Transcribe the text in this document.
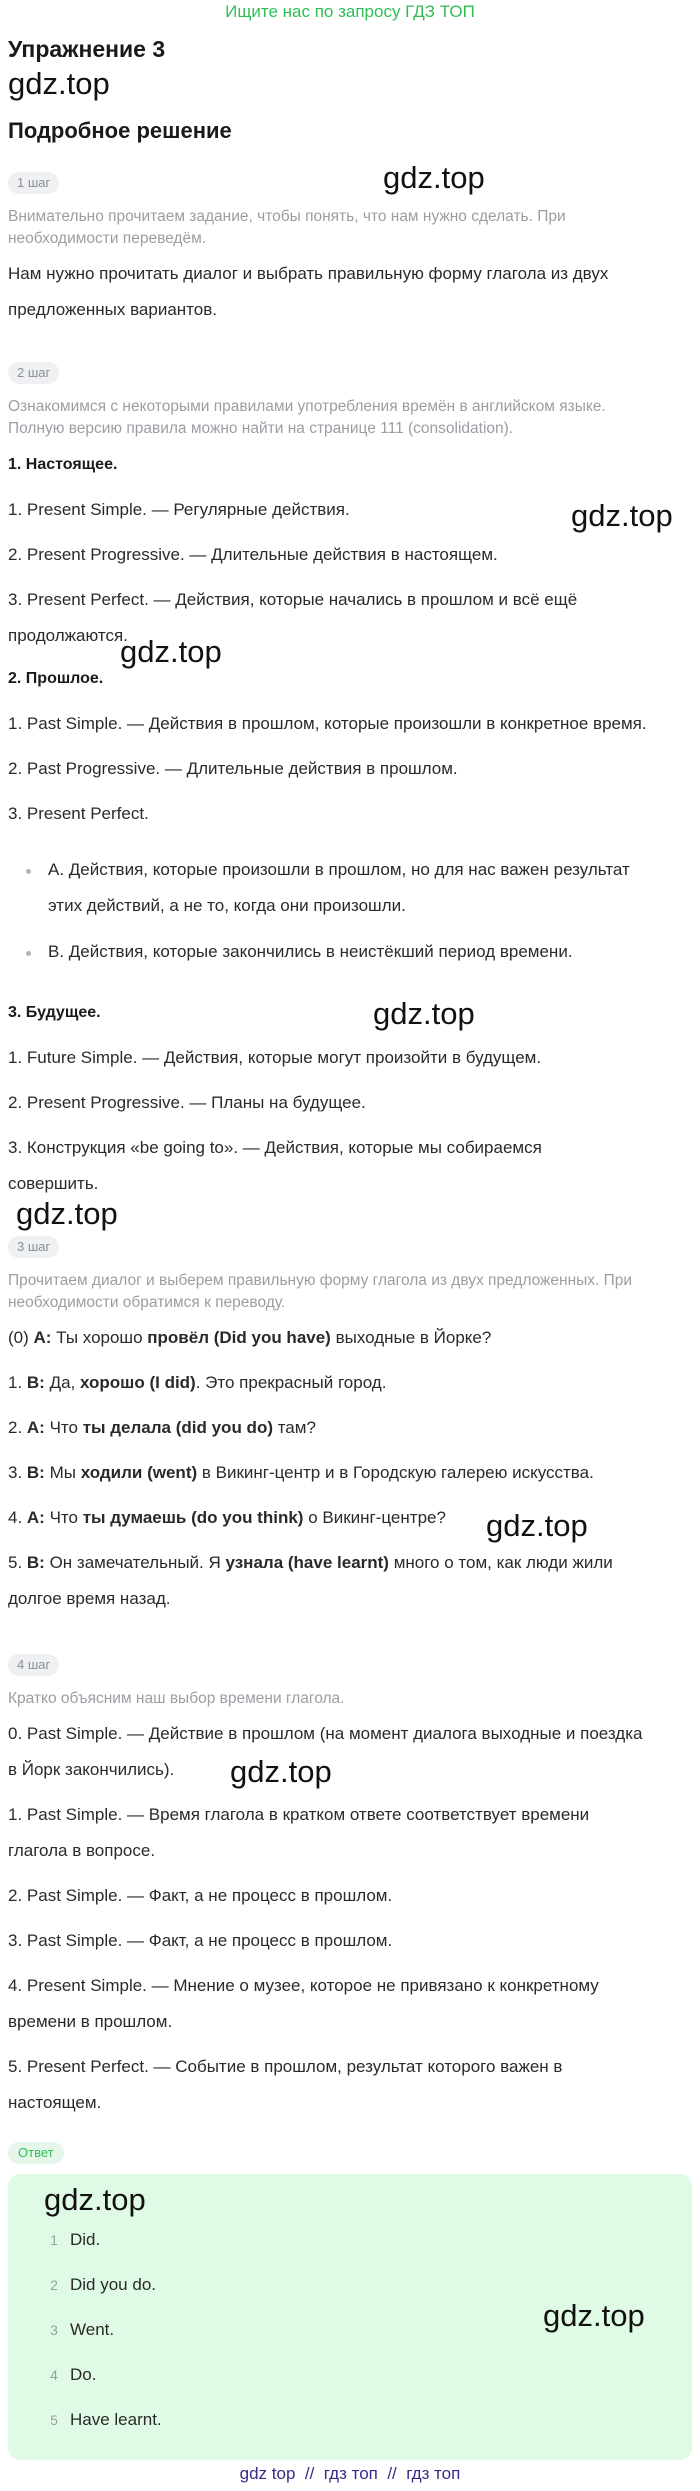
Ищите нас по запросу ГДЗ ТОП
Упражнение 3
gdz.top
Подробное решение
1 шаг	gdz.top
Внимательно прочитаем задание, чтобы понять, что нам нужно сделать. При
необходимости переведём.
Нам нужно прочитать диалог и выбрать правильную форму глагола из двух
предложенных вариантов.
2 шаг
Ознакомимся с некоторыми правилами употребления времён в английском языке.
Полную версию правила можно найти на странице 111 (consolidation).
1. Настоящее.
1. Present Simple. — Регулярные действия.
2. Present Progressive. — Длительные действия в настоящем.
3. Present Perfect. — Действия, которые начались в прошлом и всё ещё
продолжаются.
gdz.top
gdz.top
2. Прошлое.
1. Past Simple. — Действия в прошлом, которые произошли в конкретное время.
2. Past Progressive. — Длительные действия в прошлом.
3. Present Perfect.
A. Действия, которые произошли в прошлом, но для нас важен результат
этих действий, а не то, когда они произошли.
B. Действия, которые закончились в неистёкший период времени.
3. Будущее.	gdz.top
1. Future Simple. — Действия, которые могут произойти в будущем.
2. Present Progressive. — Планы на будущее.
3. Конструкция «be going to». — Действия, которые мы собираемся
совершить.
gdz.top
3 шаг
Прочитаем диалог и выберем правильную форму глагола из двух предложенных. При
необходимости обратимся к переводу.
(0) A: Ты хорошо провёл (Did you have) выходные в Йорке?
1. B: Да, хорошо (I did). Это прекрасный город.
2. A: Что ты делала (did you do) там?
3. B: Мы ходили (went) в Викинг-центр и в Городскую галерею искусства.
4. A: Что ты думаешь (do you think) о Викинг-центре?
5. B: Он замечательный. Я узнала (have learnt) много о том, как люди жили
долгое время назад.
gdz.top
4 шаг
Кратко объясним наш выбор времени глагола.
0. Past Simple. — Действие в прошлом (на момент диалога выходные и поездка
в Йорк закончились).
1. Past Simple. — Время глагола в кратком ответе соответствует времени
глагола в вопросе.
2. Past Simple. — Факт, а не процесс в прошлом.
3. Past Simple. — Факт, а не процесс в прошлом.
4. Present Simple. — Мнение о музее, которое не привязано к конкретному
времени в прошлом.
5. Present Perfect. — Событие в прошлом, результат которого важен в
настоящем.
gdz.top
Ответ
gdz.top
gdz.top
1 Did.
2 Did you do.
3 Went.
4 Do.
5 Have learnt.
gdz top  //  гдз топ  //  гдз топ
